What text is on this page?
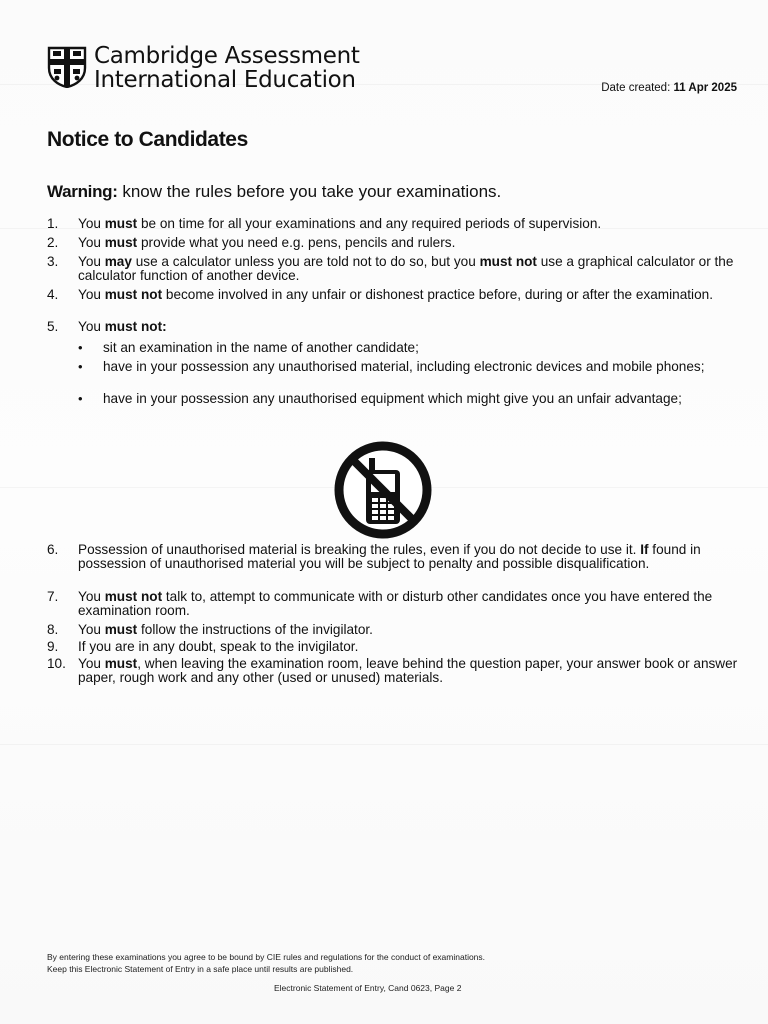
Cambridge Assessment
International Education	Date created: 11 Apr 2025
Notice to Candidates
Warning: know the rules before you take your examinations.
1.	You must be on time for all your examinations and any required periods of supervision.
2.	You must provide what you need e.g. pens, pencils and rulers.
3.	You may use a calculator unless you are told not to do so, but you must not use a graphical calculator or the calculator function of another device.
4.	You must not become involved in any unfair or dishonest practice before, during or after the examination.
5.	You must not:
6.	Possession of unauthorised material is breaking the rules, even if you do not decide to use it. If found in possession of unauthorised material you will be subject to penalty and possible disqualification.
7.	You must not talk to, attempt to communicate with or disturb other candidates once you have entered the examination room.
8.	You must follow the instructions of the invigilator.
9.	If you are in any doubt, speak to the invigilator.
10. You must, when leaving the examination room, leave behind the question paper, your answer book or answer paper, rough work and any other (used or unused) materials.
• sit an examination in the name of another candidate;
• have in your possession any unauthorised material, including electronic devices and mobile phones;
• have in your possession any unauthorised equipment which might give you an unfair advantage;
By entering these examinations you agree to be bound by CIE rules and regulations for the conduct of examinations.
Keep this Electronic Statement of Entry in a safe place until results are published.
Electronic Statement of Entry, Cand 0623, Page 2
